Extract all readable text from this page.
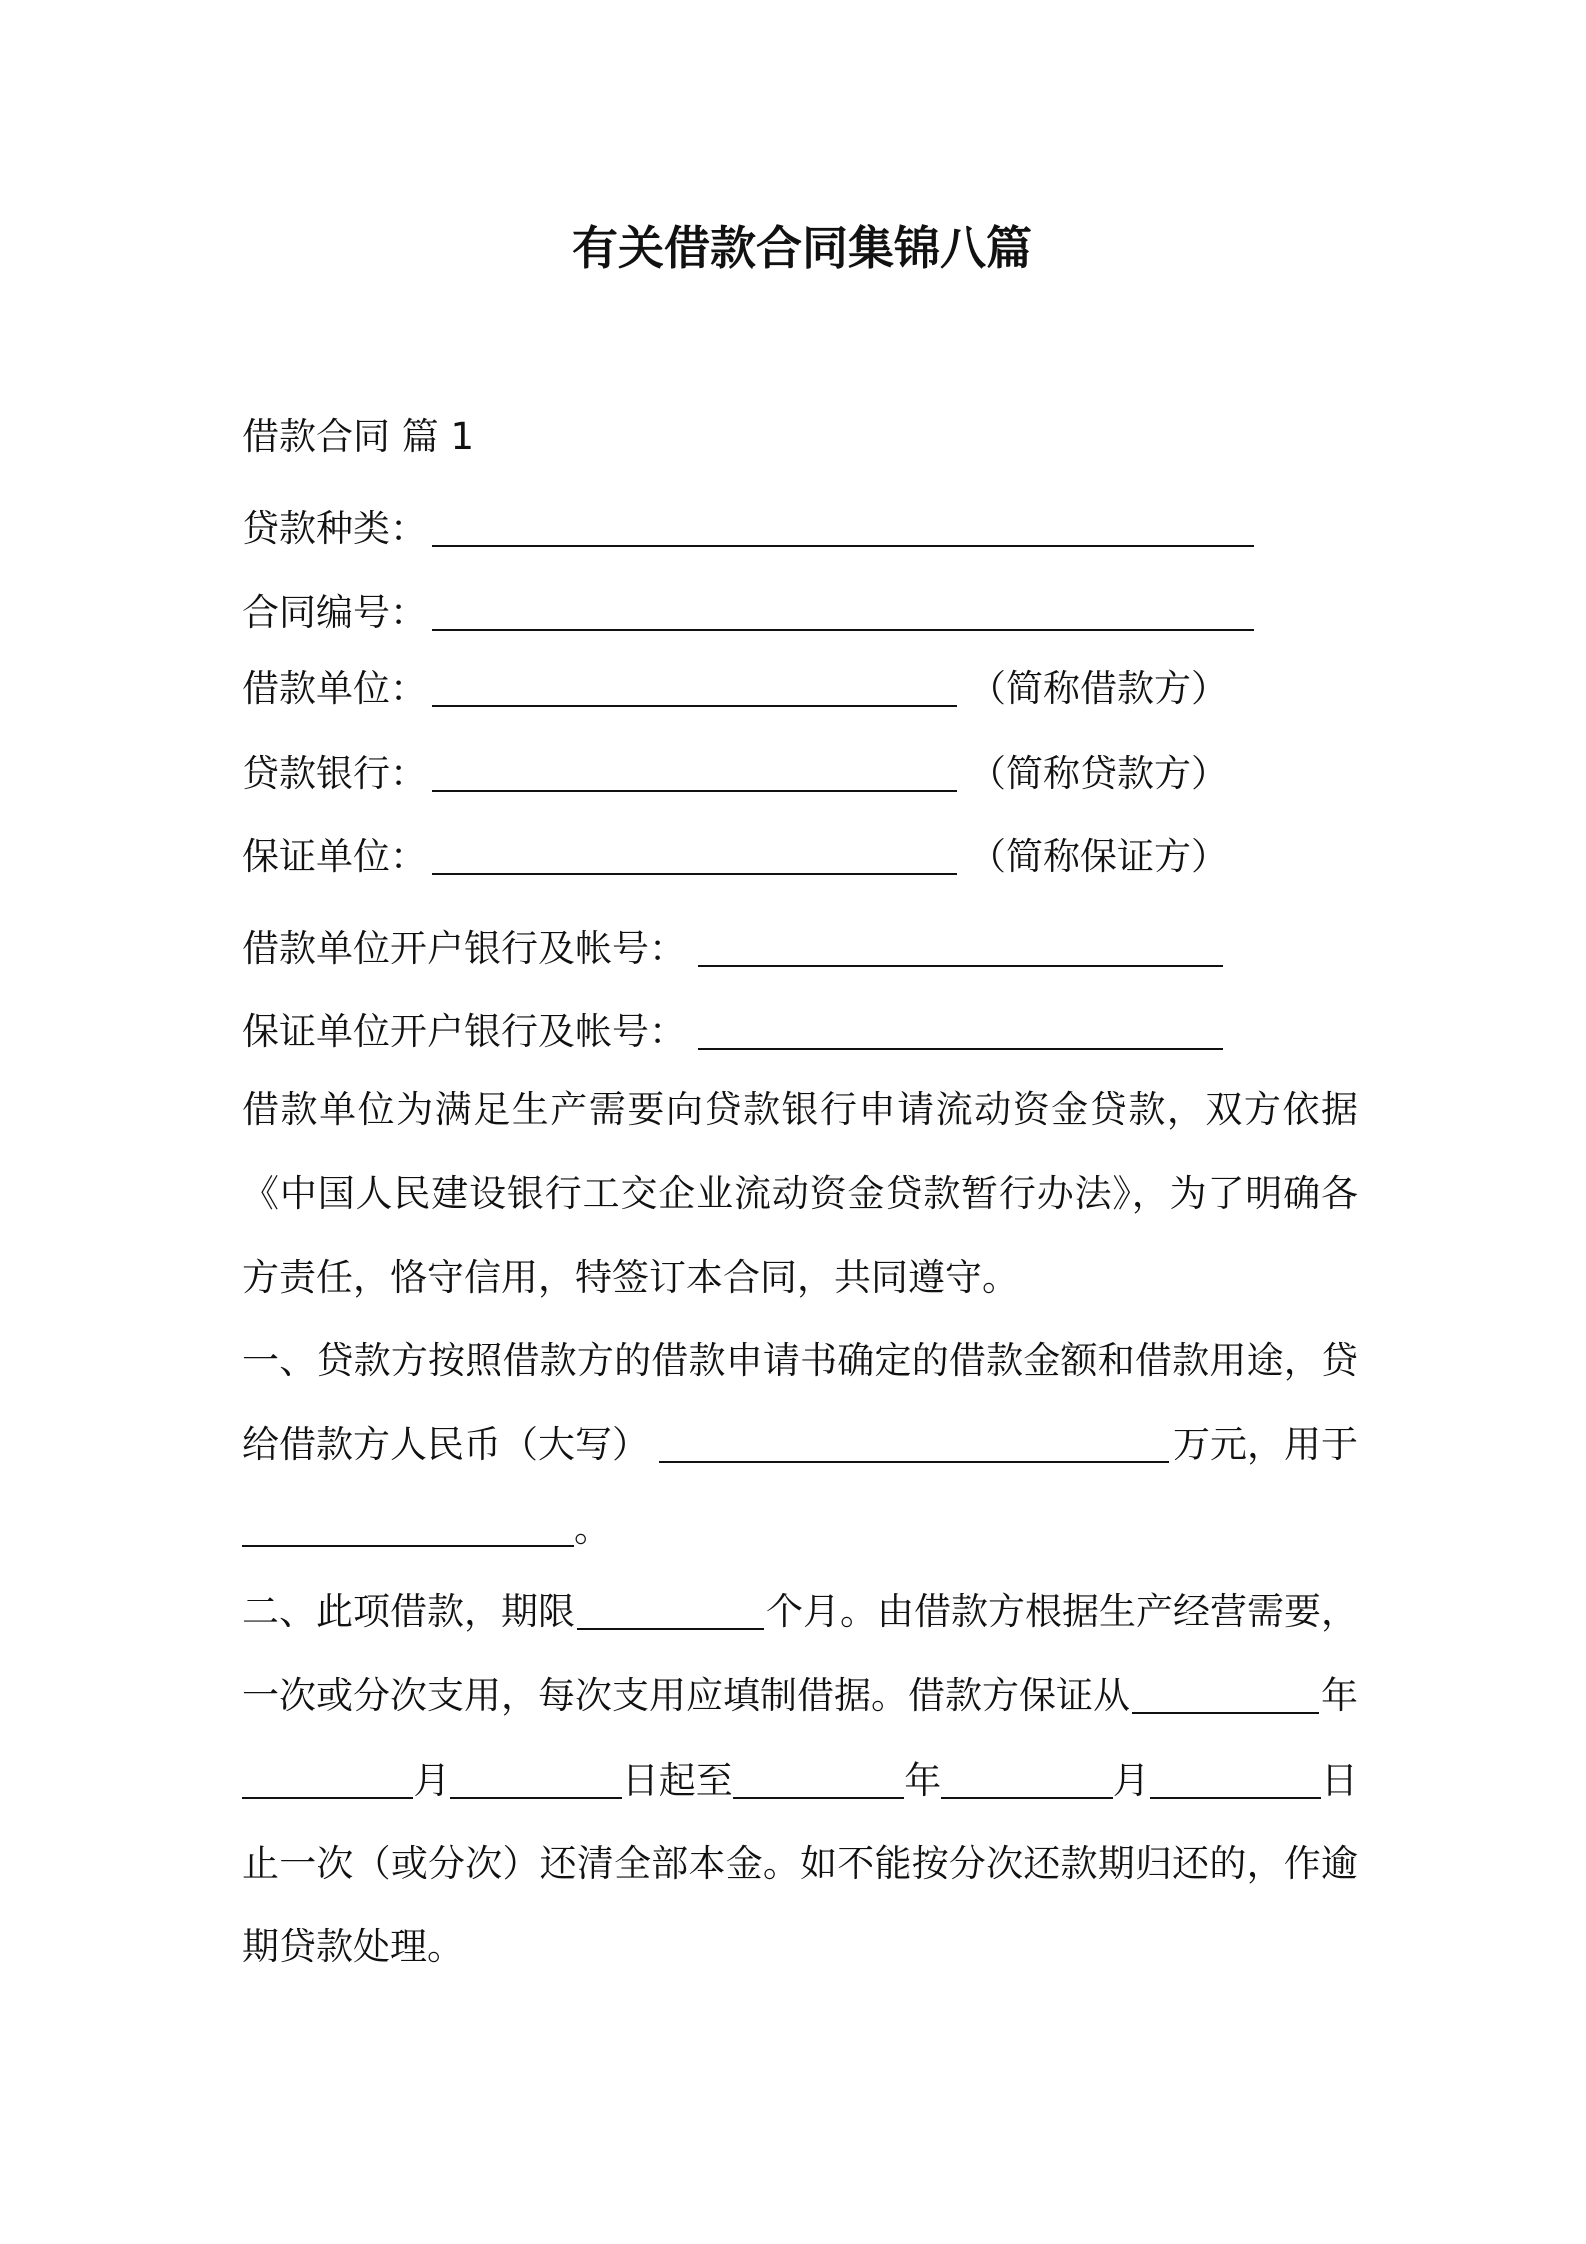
有关借款合同集锦八篇
借款合同 篇 1
贷款种类：
合同编号：
借款单位：	（简称借款方）
贷款银行：	（简称贷款方）
保证单位：	（简称保证方）
借款单位开户银行及帐号：
保证单位开户银行及帐号：
借款单位为满足生产需要向贷款银行申请流动资金贷款，双方依据
《中国人民建设银行工交企业流动资金贷款暂行办法》，为了明确各
方责任，恪守信用，特签订本合同，共同遵守。
一、贷款方按照借款方的借款申请书确定的借款金额和借款用途，贷
给借款方人民币（大写）	万元，用于
。
二、此项借款，期限	个月。由借款方根据生产经营需要，
一次或分次支用，每次支用应填制借据。借款方保证从	年
月	日起至	年	月	日
止一次（或分次）还清全部本金。如不能按分次还款期归还的，作逾
期贷款处理。
